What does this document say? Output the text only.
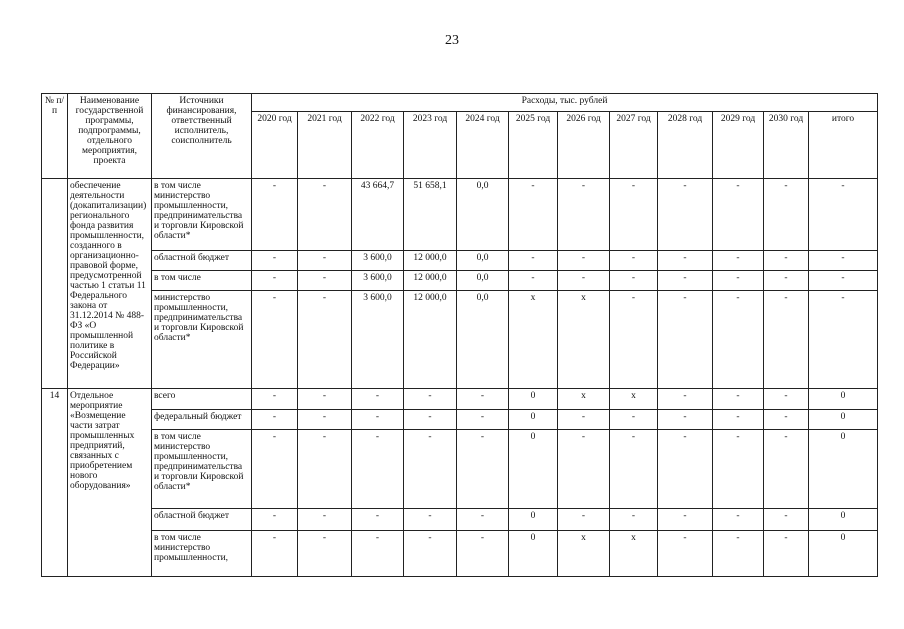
23
№ п/п	Наименование государственной программы, подпрограммы, отдельного мероприятия, проекта	Источники финансирования, ответственный исполнитель, соисполнитель	Расходы, тыс. рублей											
			2020 год	2021 год	2022 год	2023 год	2024 год	2025 год	2026 год	2027 год	2028 год	2029 год	2030 год	итого
	обеспечение деятельности (докапитализации) регионального фонда развития промышленности, созданного в организационно-правовой форме, предусмотренной частью 1 статьи 11 Федерального закона от 31.12.2014 № 488-ФЗ «О промышленной политике в Российской Федерации»	в том числе министерство промышленности, предпринимательства и торговли Кировской области*	-	-	43 664,7	51 658,1	0,0	-	-	-	-	-	-	-
		областной бюджет	-	-	3 600,0	12 000,0	0,0	-	-	-	-	-	-	-
		в том числе	-	-	3 600,0	12 000,0	0,0	-	-	-	-	-	-	-
		министерство промышленности, предпринимательства и торговли Кировской области*	-	-	3 600,0	12 000,0	0,0	х	х	-	-	-	-	-
14	Отдельное мероприятие «Возмещение части затрат промышленных предприятий, связанных с приобретением нового оборудования»	всего	-	-	-	-	-	0	х	х	-	-	-	0
		федеральный бюджет	-	-	-	-	-	0	-	-	-	-	-	0
		в том числе министерство промышленности, предпринимательства и торговли Кировской области*	-	-	-	-	-	0	-	-	-	-	-	0
		областной бюджет	-	-	-	-	-	0	-	-	-	-	-	0
		в том числе министерство промышленности,	-	-	-	-	-	0	х	х	-	-	-	0
